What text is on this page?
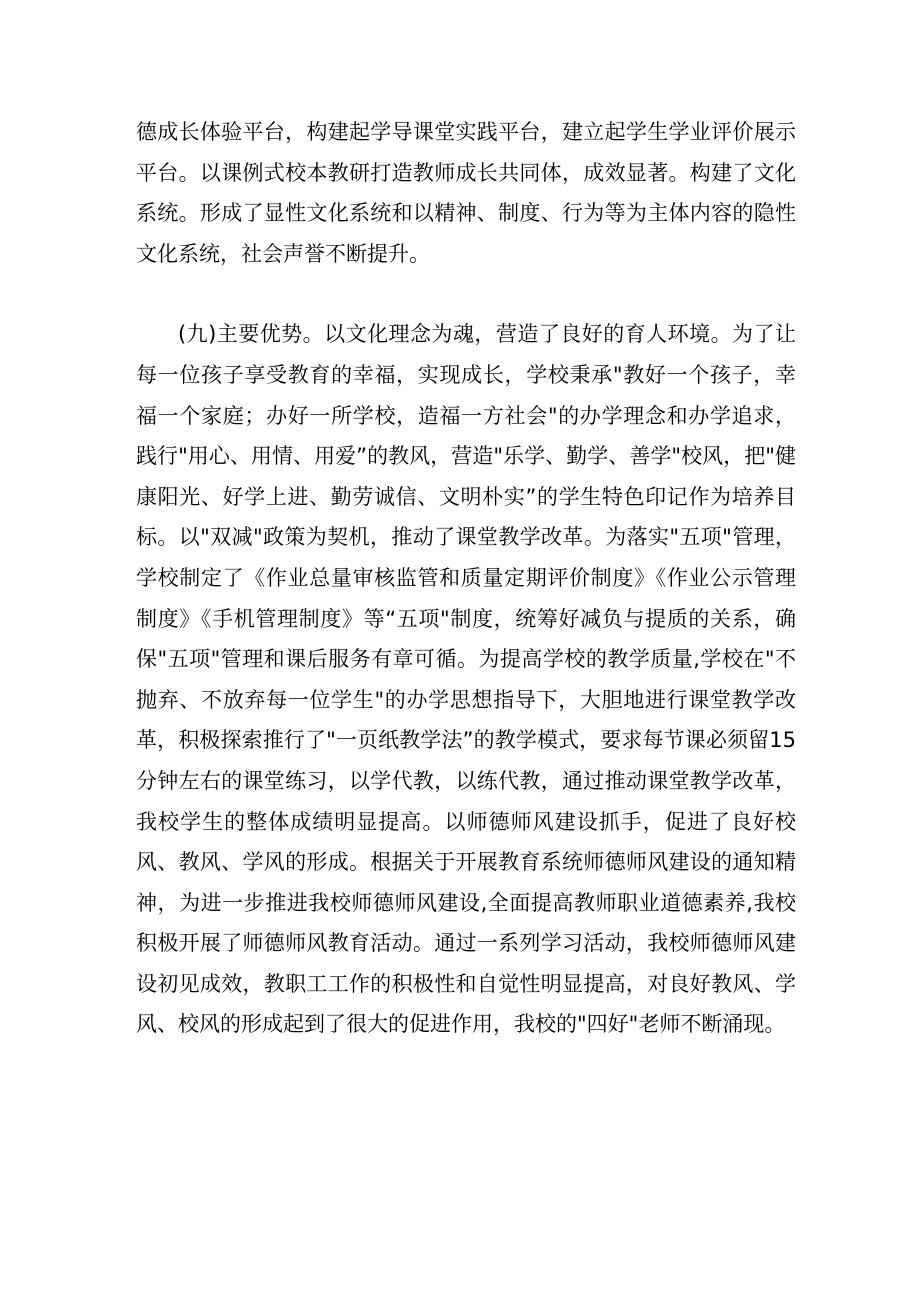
德成长体验平台，构建起学导课堂实践平台，建立起学生学业评价展示平台。以课例式校本教研打造教师成长共同体，成效显著。构建了文化系统。形成了显性文化系统和以精神、制度、行为等为主体内容的隐性文化系统，社会声誉不断提升。

(九)主要优势。以文化理念为魂，营造了良好的育人环境。为了让每一位孩子享受教育的幸福，实现成长，学校秉承"教好一个孩子，幸福一个家庭；办好一所学校，造福一方社会"的办学理念和办学追求，践行"用心、用情、用爱”的教风，营造"乐学、勤学、善学"校风，把"健康阳光、好学上进、勤劳诚信、文明朴实”的学生特色印记作为培养目标。以"双减"政策为契机，推动了课堂教学改革。为落实"五项"管理，学校制定了《作业总量审核监管和质量定期评价制度》《作业公示管理制度》《手机管理制度》等“五项"制度，统筹好减负与提质的关系，确保"五项"管理和课后服务有章可循。为提高学校的教学质量,学校在"不抛弃、不放弃每一位学生"的办学思想指导下，大胆地进行课堂教学改革，积极探索推行了"一页纸教学法”的教学模式，要求每节课必须留15分钟左右的课堂练习，以学代教，以练代教，通过推动课堂教学改革，我校学生的整体成绩明显提高。以师德师风建设抓手，促进了良好校风、教风、学风的形成。根据关于开展教育系统师德师风建设的通知精神，为进一步推进我校师德师风建设,全面提高教师职业道德素养,我校积极开展了师德师风教育活动。通过一系列学习活动，我校师德师风建设初见成效，教职工工作的积极性和自觉性明显提高，对良好教风、学风、校风的形成起到了很大的促进作用，我校的"四好"老师不断涌现。
